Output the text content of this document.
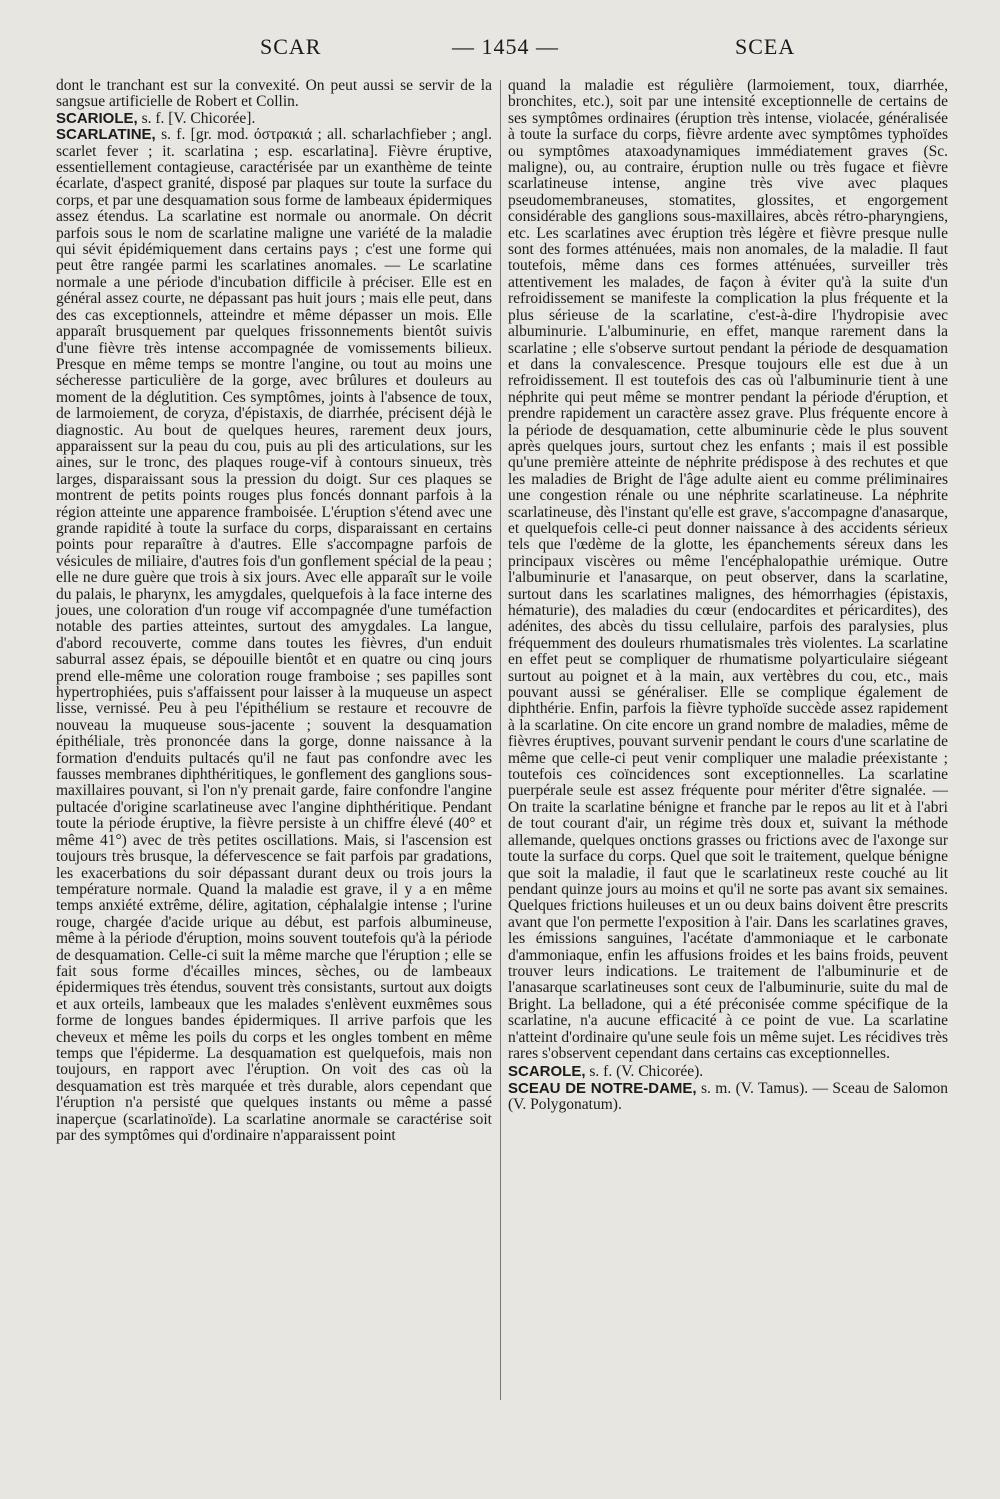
SCAR	— 1454 —	SCEA

dont le tranchant est sur la convexité. On peut aussi se servir de la sangsue artificielle de Robert et Collin.

SCARIOLE, s. f. [V. Chicorée].

SCARLATINE, s. f. [gr. mod. όστρακιά ; all. scharlachfieber ; angl. scarlet fever ; it. scarlatina ; esp. escarlatina]. Fièvre éruptive, essentiellement contagieuse, caractérisée par un exanthème de teinte écarlate, d'aspect granité, disposé par plaques sur toute la surface du corps, et par une desquamation sous forme de lambeaux épidermiques assez étendus. La scarlatine est normale ou anormale. On décrit parfois sous le nom de scarlatine maligne une variété de la maladie qui sévit épidémiquement dans certains pays ; c'est une forme qui peut être rangée parmi les scarlatines anomales. — Le scarlatine normale a une période d'incubation difficile à préciser. Elle est en général assez courte, ne dépassant pas huit jours ; mais elle peut, dans des cas exceptionnels, atteindre et même dépasser un mois. Elle apparaît brusquement par quelques frissonnements bientôt suivis d'une fièvre très intense accompagnée de vomissements bilieux. Presque en même temps se montre l'angine, ou tout au moins une sécheresse particulière de la gorge, avec brûlures et douleurs au moment de la déglutition. Ces symptômes, joints à l'absence de toux, de larmoiement, de coryza, d'épistaxis, de diarrhée, précisent déjà le diagnostic. Au bout de quelques heures, rarement deux jours, apparaissent sur la peau du cou, puis au pli des articulations, sur les aines, sur le tronc, des plaques rouge-vif à contours sinueux, très larges, disparaissant sous la pression du doigt. Sur ces plaques se montrent de petits points rouges plus foncés donnant parfois à la région atteinte une apparence framboisée. L'éruption s'étend avec une grande rapidité à toute la surface du corps, disparaissant en certains points pour reparaître à d'autres. Elle s'accompagne parfois de vésicules de miliaire, d'autres fois d'un gonflement spécial de la peau ; elle ne dure guère que trois à six jours. Avec elle apparaît sur le voile du palais, le pharynx, les amygdales, quelquefois à la face interne des joues, une coloration d'un rouge vif accompagnée d'une tuméfaction notable des parties atteintes, surtout des amygdales. La langue, d'abord recouverte, comme dans toutes les fièvres, d'un enduit saburral assez épais, se dépouille bientôt et en quatre ou cinq jours prend elle-même une coloration rouge framboise ; ses papilles sont hypertrophiées, puis s'affaissent pour laisser à la muqueuse un aspect lisse, vernissé. Peu à peu l'épithélium se restaure et recouvre de nouveau la muqueuse sous-jacente ; souvent la desquamation épithéliale, très prononcée dans la gorge, donne naissance à la formation d'enduits pultacés qu'il ne faut pas confondre avec les fausses membranes diphthéritiques, le gonflement des ganglions sous-maxillaires pouvant, si l'on n'y prenait garde, faire confondre l'angine pultacée d'origine scarlatineuse avec l'angine diphthéritique. Pendant toute la période éruptive, la fièvre persiste à un chiffre élevé (40° et même 41°) avec de très petites oscillations. Mais, si l'ascension est toujours très brusque, la défervescence se fait parfois par gradations, les exacerbations du soir dépassant durant deux ou trois jours la température normale. Quand la maladie est grave, il y a en même temps anxiété extrême, délire, agitation, céphalalgie intense ; l'urine rouge, chargée d'acide urique au début, est parfois albumineuse, même à la période d'éruption, moins souvent toutefois qu'à la période de desquamation. Celle-ci suit la même marche que l'éruption ; elle se fait sous forme d'écailles minces, sèches, ou de lambeaux épidermiques très étendus, souvent très consistants, surtout aux doigts et aux orteils, lambeaux que les malades s'enlèvent euxmêmes sous forme de longues bandes épidermiques. Il arrive parfois que les cheveux et même les poils du corps et les ongles tombent en même temps que l'épiderme. La desquamation est quelquefois, mais non toujours, en rapport avec l'éruption. On voit des cas où la desquamation est très marquée et très durable, alors cependant que l'éruption n'a persisté que quelques instants ou même a passé inaperçue (scarlatinoïde). La scarlatine anormale se caractérise soit par des symptômes qui d'ordinaire n'apparaissent point

quand la maladie est régulière (larmoiement, toux, diarrhée, bronchites, etc.), soit par une intensité exceptionnelle de certains de ses symptômes ordinaires (éruption très intense, violacée, généralisée à toute la surface du corps, fièvre ardente avec symptômes typhoïdes ou symptômes ataxoadynamiques immédiatement graves (Sc. maligne), ou, au contraire, éruption nulle ou très fugace et fièvre scarlatineuse intense, angine très vive avec plaques pseudomembraneuses, stomatites, glossites, et engorgement considérable des ganglions sous-maxillaires, abcès rétro-pharyngiens, etc. Les scarlatines avec éruption très légère et fièvre presque nulle sont des formes atténuées, mais non anomales, de la maladie. Il faut toutefois, même dans ces formes atténuées, surveiller très attentivement les malades, de façon à éviter qu'à la suite d'un refroidissement se manifeste la complication la plus fréquente et la plus sérieuse de la scarlatine, c'est-à-dire l'hydropisie avec albuminurie. L'albuminurie, en effet, manque rarement dans la scarlatine ; elle s'observe surtout pendant la période de desquamation et dans la convalescence. Presque toujours elle est due à un refroidissement. Il est toutefois des cas où l'albuminurie tient à une néphrite qui peut même se montrer pendant la période d'éruption, et prendre rapidement un caractère assez grave. Plus fréquente encore à la période de desquamation, cette albuminurie cède le plus souvent après quelques jours, surtout chez les enfants ; mais il est possible qu'une première atteinte de néphrite prédispose à des rechutes et que les maladies de Bright de l'âge adulte aient eu comme préliminaires une congestion rénale ou une néphrite scarlatineuse. La néphrite scarlatineuse, dès l'instant qu'elle est grave, s'accompagne d'anasarque, et quelquefois celle-ci peut donner naissance à des accidents sérieux tels que l'œdème de la glotte, les épanchements séreux dans les principaux viscères ou même l'encéphalopathie urémique. Outre l'albuminurie et l'anasarque, on peut observer, dans la scarlatine, surtout dans les scarlatines malignes, des hémorrhagies (épistaxis, hématurie), des maladies du cœur (endocardites et péricardites), des adénites, des abcès du tissu cellulaire, parfois des paralysies, plus fréquemment des douleurs rhumatismales très violentes. La scarlatine en effet peut se compliquer de rhumatisme polyarticulaire siégeant surtout au poignet et à la main, aux vertèbres du cou, etc., mais pouvant aussi se généraliser. Elle se complique également de diphthérie. Enfin, parfois la fièvre typhoïde succède assez rapidement à la scarlatine. On cite encore un grand nombre de maladies, même de fièvres éruptives, pouvant survenir pendant le cours d'une scarlatine de même que celle-ci peut venir compliquer une maladie préexistante ; toutefois ces coïncidences sont exceptionnelles. La scarlatine puerpérale seule est assez fréquente pour mériter d'être signalée. — On traite la scarlatine bénigne et franche par le repos au lit et à l'abri de tout courant d'air, un régime très doux et, suivant la méthode allemande, quelques onctions grasses ou frictions avec de l'axonge sur toute la surface du corps. Quel que soit le traitement, quelque bénigne que soit la maladie, il faut que le scarlatineux reste couché au lit pendant quinze jours au moins et qu'il ne sorte pas avant six semaines. Quelques frictions huileuses et un ou deux bains doivent être prescrits avant que l'on permette l'exposition à l'air. Dans les scarlatines graves, les émissions sanguines, l'acétate d'ammoniaque et le carbonate d'ammoniaque, enfin les affusions froides et les bains froids, peuvent trouver leurs indications. Le traitement de l'albuminurie et de l'anasarque scarlatineuses sont ceux de l'albuminurie, suite du mal de Bright. La belladone, qui a été préconisée comme spécifique de la scarlatine, n'a aucune efficacité à ce point de vue. La scarlatine n'atteint d'ordinaire qu'une seule fois un même sujet. Les récidives très rares s'observent cependant dans certains cas exceptionnelles.

SCAROLE, s. f. (V. Chicorée).

SCEAU DE NOTRE-DAME, s. m. (V. Tamus). — Sceau de Salomon (V. Polygonatum).
